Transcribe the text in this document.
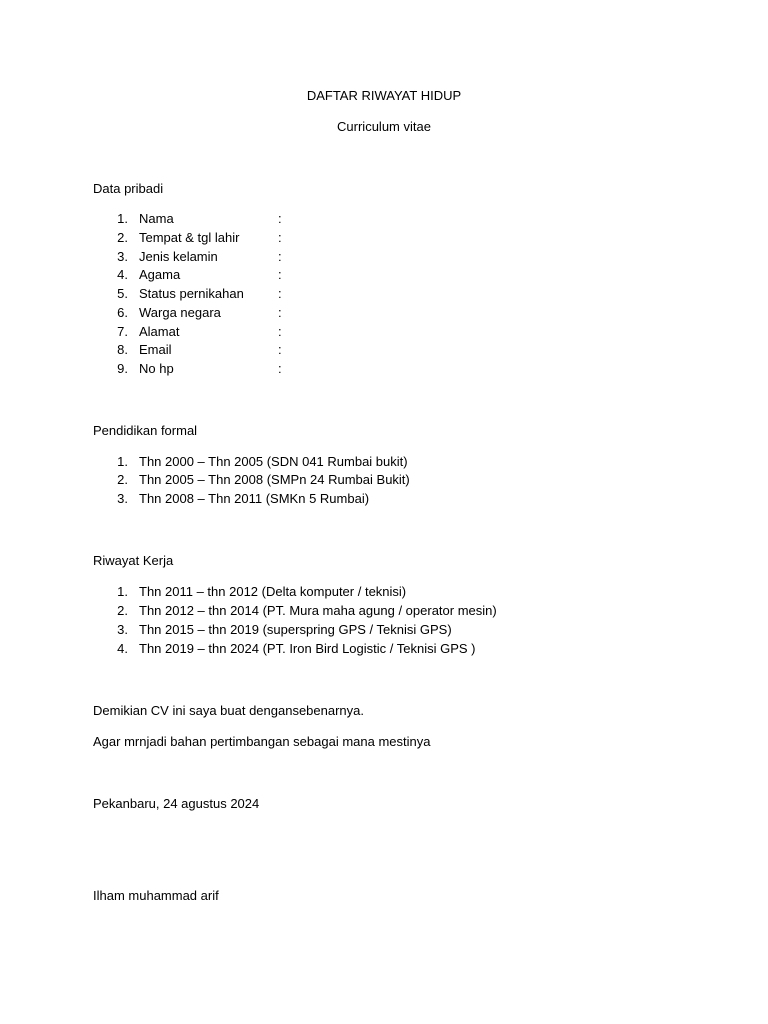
DAFTAR RIWAYAT HIDUP
Curriculum vitae
Data pribadi
1. Nama	:
2. Tempat & tgl lahir	:
3. Jenis kelamin	:
4. Agama	:
5. Status pernikahan	:
6. Warga negara	:
7. Alamat	:
8. Email	:
9. No hp	:
Pendidikan formal
1. Thn 2000 – Thn 2005 (SDN 041 Rumbai bukit)
2. Thn 2005 – Thn 2008 (SMPn 24 Rumbai Bukit)
3. Thn 2008 – Thn 2011 (SMKn 5 Rumbai)
Riwayat Kerja
1. Thn 2011 – thn 2012 (Delta komputer / teknisi)
2. Thn 2012 – thn 2014 (PT. Mura maha agung / operator mesin)
3. Thn 2015 – thn 2019 (superspring GPS / Teknisi GPS)
4. Thn 2019 – thn 2024 (PT. Iron Bird Logistic / Teknisi GPS )
Demikian CV ini saya buat dengansebenarnya.
Agar mrnjadi bahan pertimbangan sebagai mana mestinya
Pekanbaru, 24 agustus 2024
Ilham muhammad arif
